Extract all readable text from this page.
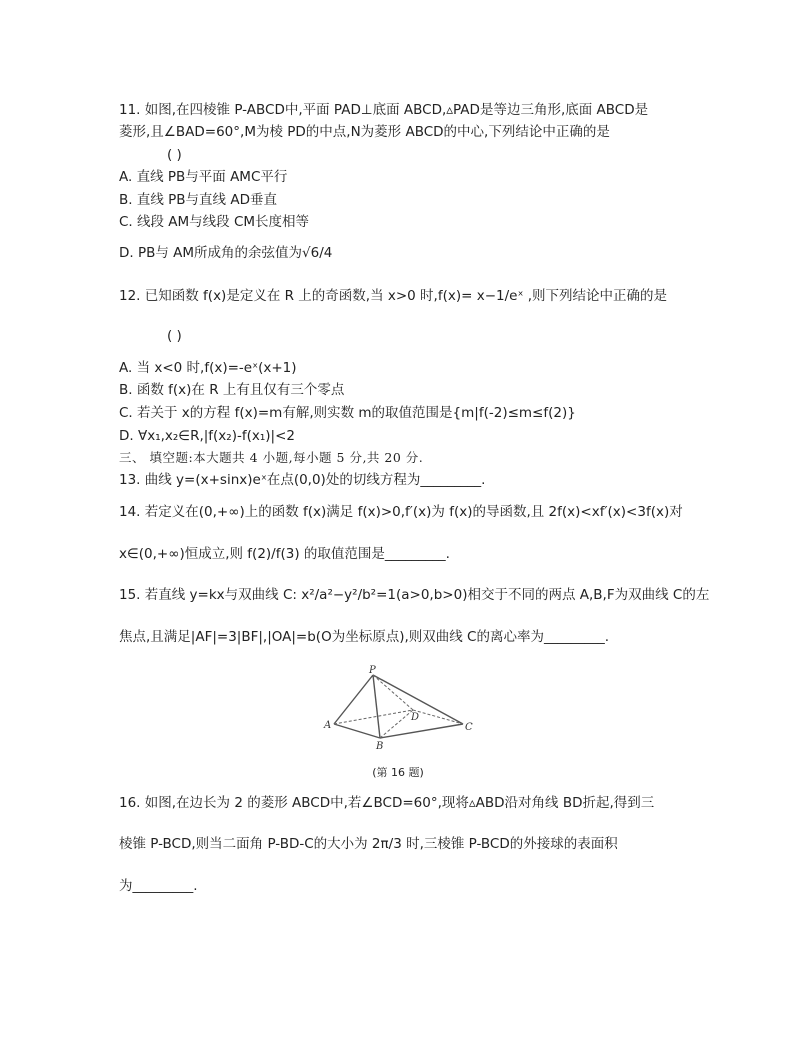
11. 如图,在四棱锥 P-ABCD中,平面 PAD⊥底面 ABCD,▵PAD是等边三角形,底面 ABCD是
菱形,且∠BAD=60°,M为棱 PD的中点,N为菱形 ABCD的中心,下列结论中正确的是
( )
A. 直线 PB与平面 AMC平行
B. 直线 PB与直线 AD垂直
C. 线段 AM与线段 CM长度相等
D. PB与 AM所成角的余弦值为√6/4
12. 已知函数 f(x)是定义在 R 上的奇函数,当 x>0 时,f(x)= x−1/eˣ ,则下列结论中正确的是
( )
A. 当 x<0 时,f(x)=-eˣ(x+1)
B. 函数 f(x)在 R 上有且仅有三个零点
C. 若关于 x的方程 f(x)=m有解,则实数 m的取值范围是{m|f(-2)≤m≤f(2)}
D. ∀x₁,x₂∈R,|f(x₂)-f(x₁)|<2
三、 填空题:本大题共 4 小题,每小题 5 分,共 20 分.
13. 曲线 y=(x+sinx)eˣ在点(0,0)处的切线方程为_________.
14. 若定义在(0,+∞)上的函数 f(x)满足 f(x)>0,f′(x)为 f(x)的导函数,且 2f(x)<xf′(x)<3f(x)对
x∈(0,+∞)恒成立,则 f(2)/f(3) 的取值范围是_________.
15. 若直线 y=kx与双曲线 C: x²/a²−y²/b²=1(a>0,b>0)相交于不同的两点 A,B,F为双曲线 C的左
焦点,且满足|AF|=3|BF|,|OA|=b(O为坐标原点),则双曲线 C的离心率为_________.
P
A
B
C
D
(第 16 题)
16. 如图,在边长为 2 的菱形 ABCD中,若∠BCD=60°,现将▵ABD沿对角线 BD折起,得到三
棱锥 P-BCD,则当二面角 P-BD-C的大小为 2π/3 时,三棱锥 P-BCD的外接球的表面积
为_________.
